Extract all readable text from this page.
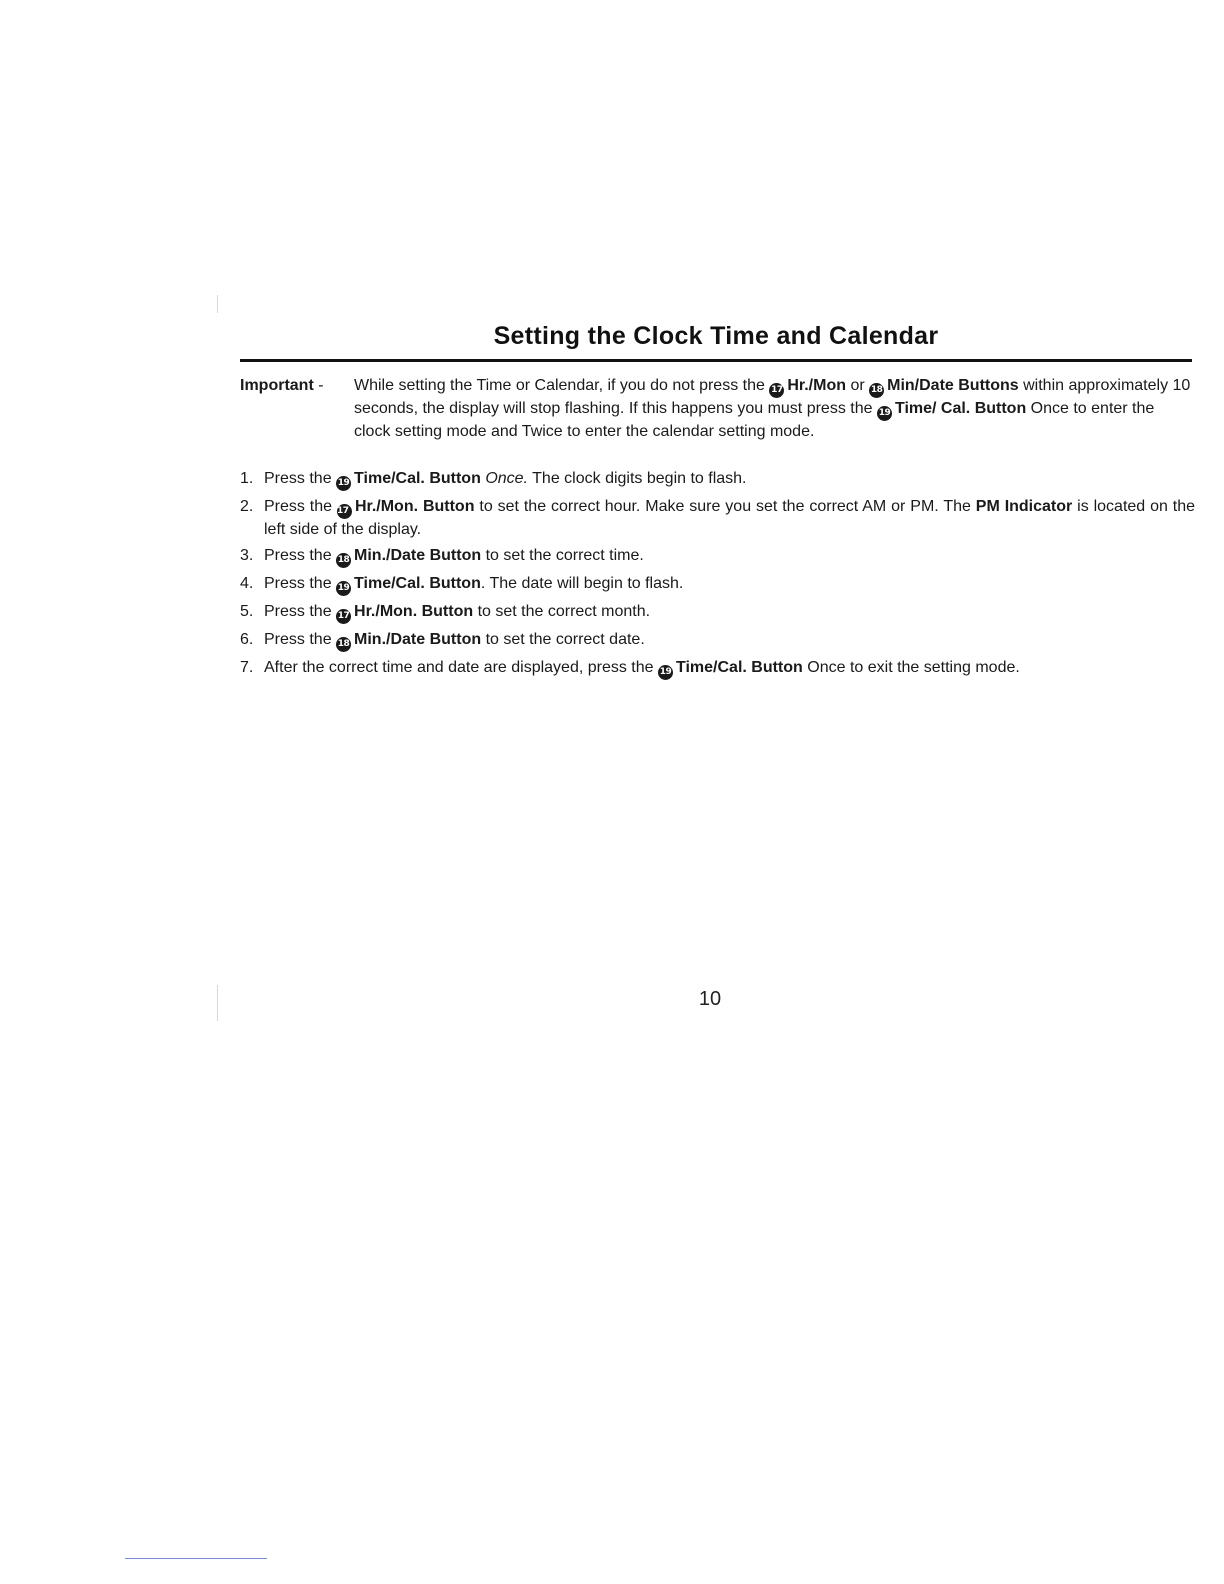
Setting the Clock Time and Calendar
Important -	While setting the Time or Calendar, if you do not press the 17 Hr./Mon or 18 Min/Date Buttons within approximately 10 seconds, the display will stop flashing. If this happens you must press the 19 Time/ Cal. Button Once to enter the clock setting mode and Twice to enter the calendar setting mode.
1. Press the 19 Time/Cal. Button Once. The clock digits begin to flash.
2. Press the 17 Hr./Mon. Button to set the correct hour. Make sure you set the correct AM or PM. The PM Indicator is located on the left side of the display.
3. Press the 18 Min./Date Button to set the correct time.
4. Press the 19 Time/Cal. Button. The date will begin to flash.
5. Press the 17 Hr./Mon. Button to set the correct month.
6. Press the 18 Min./Date Button to set the correct date.
7. After the correct time and date are displayed, press the 19 Time/Cal. Button Once to exit the setting mode.
10
